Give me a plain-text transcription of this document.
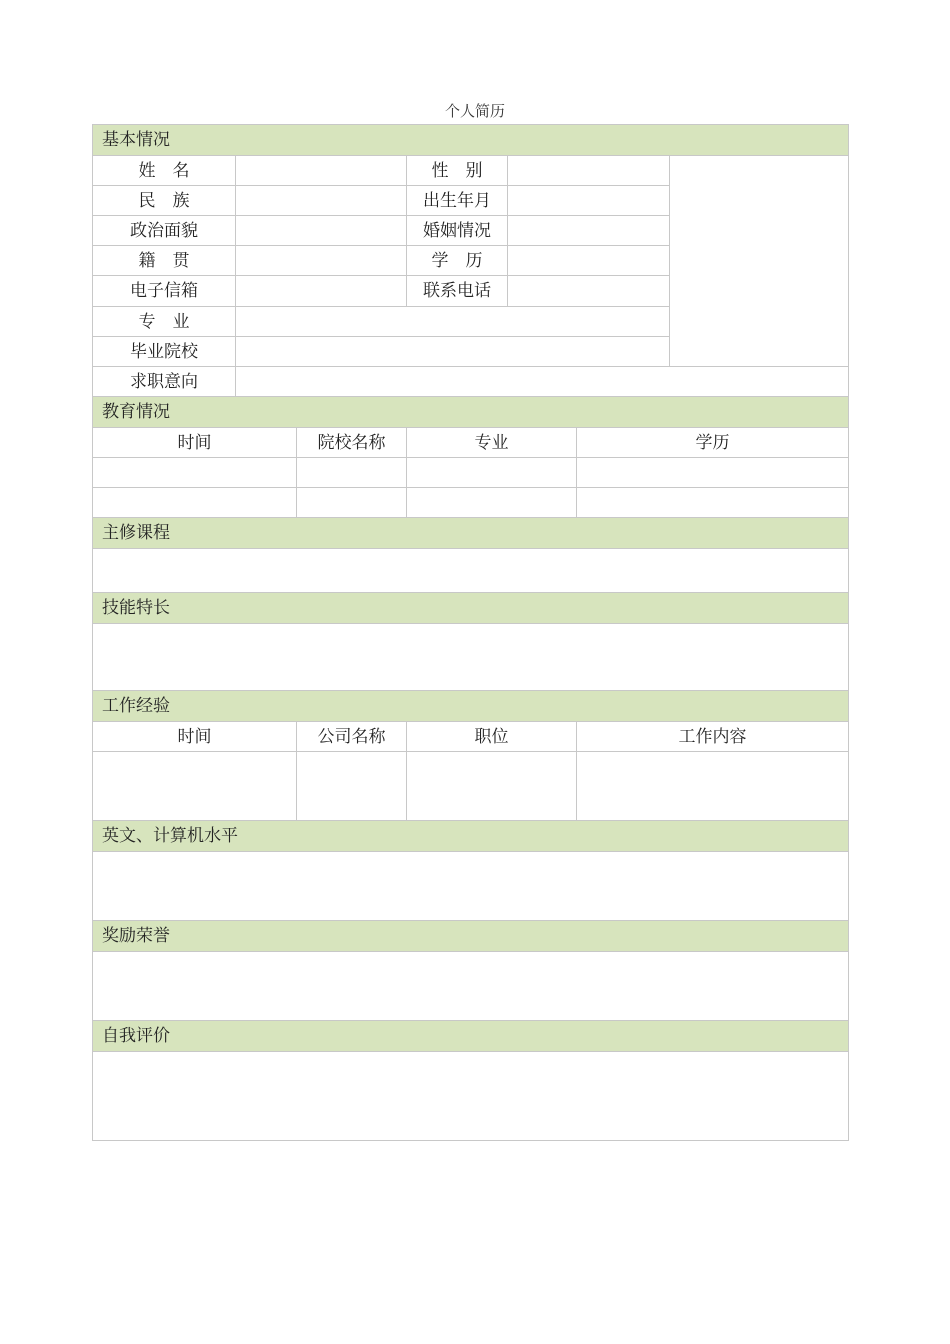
个人简历
基本情况						
姓　名			性　别			
民　族			出生年月			
政治面貌			婚姻情况			
籍　贯			学　历			
电子信箱			联系电话			
专　业						
毕业院校						
求职意向						
教育情况						
时间		院校名称	专业		学历	

主修课程						

技能特长						

工作经验						
时间		公司名称	职位		工作内容	

英文、计算机水平						

奖励荣誉						

自我评价						
